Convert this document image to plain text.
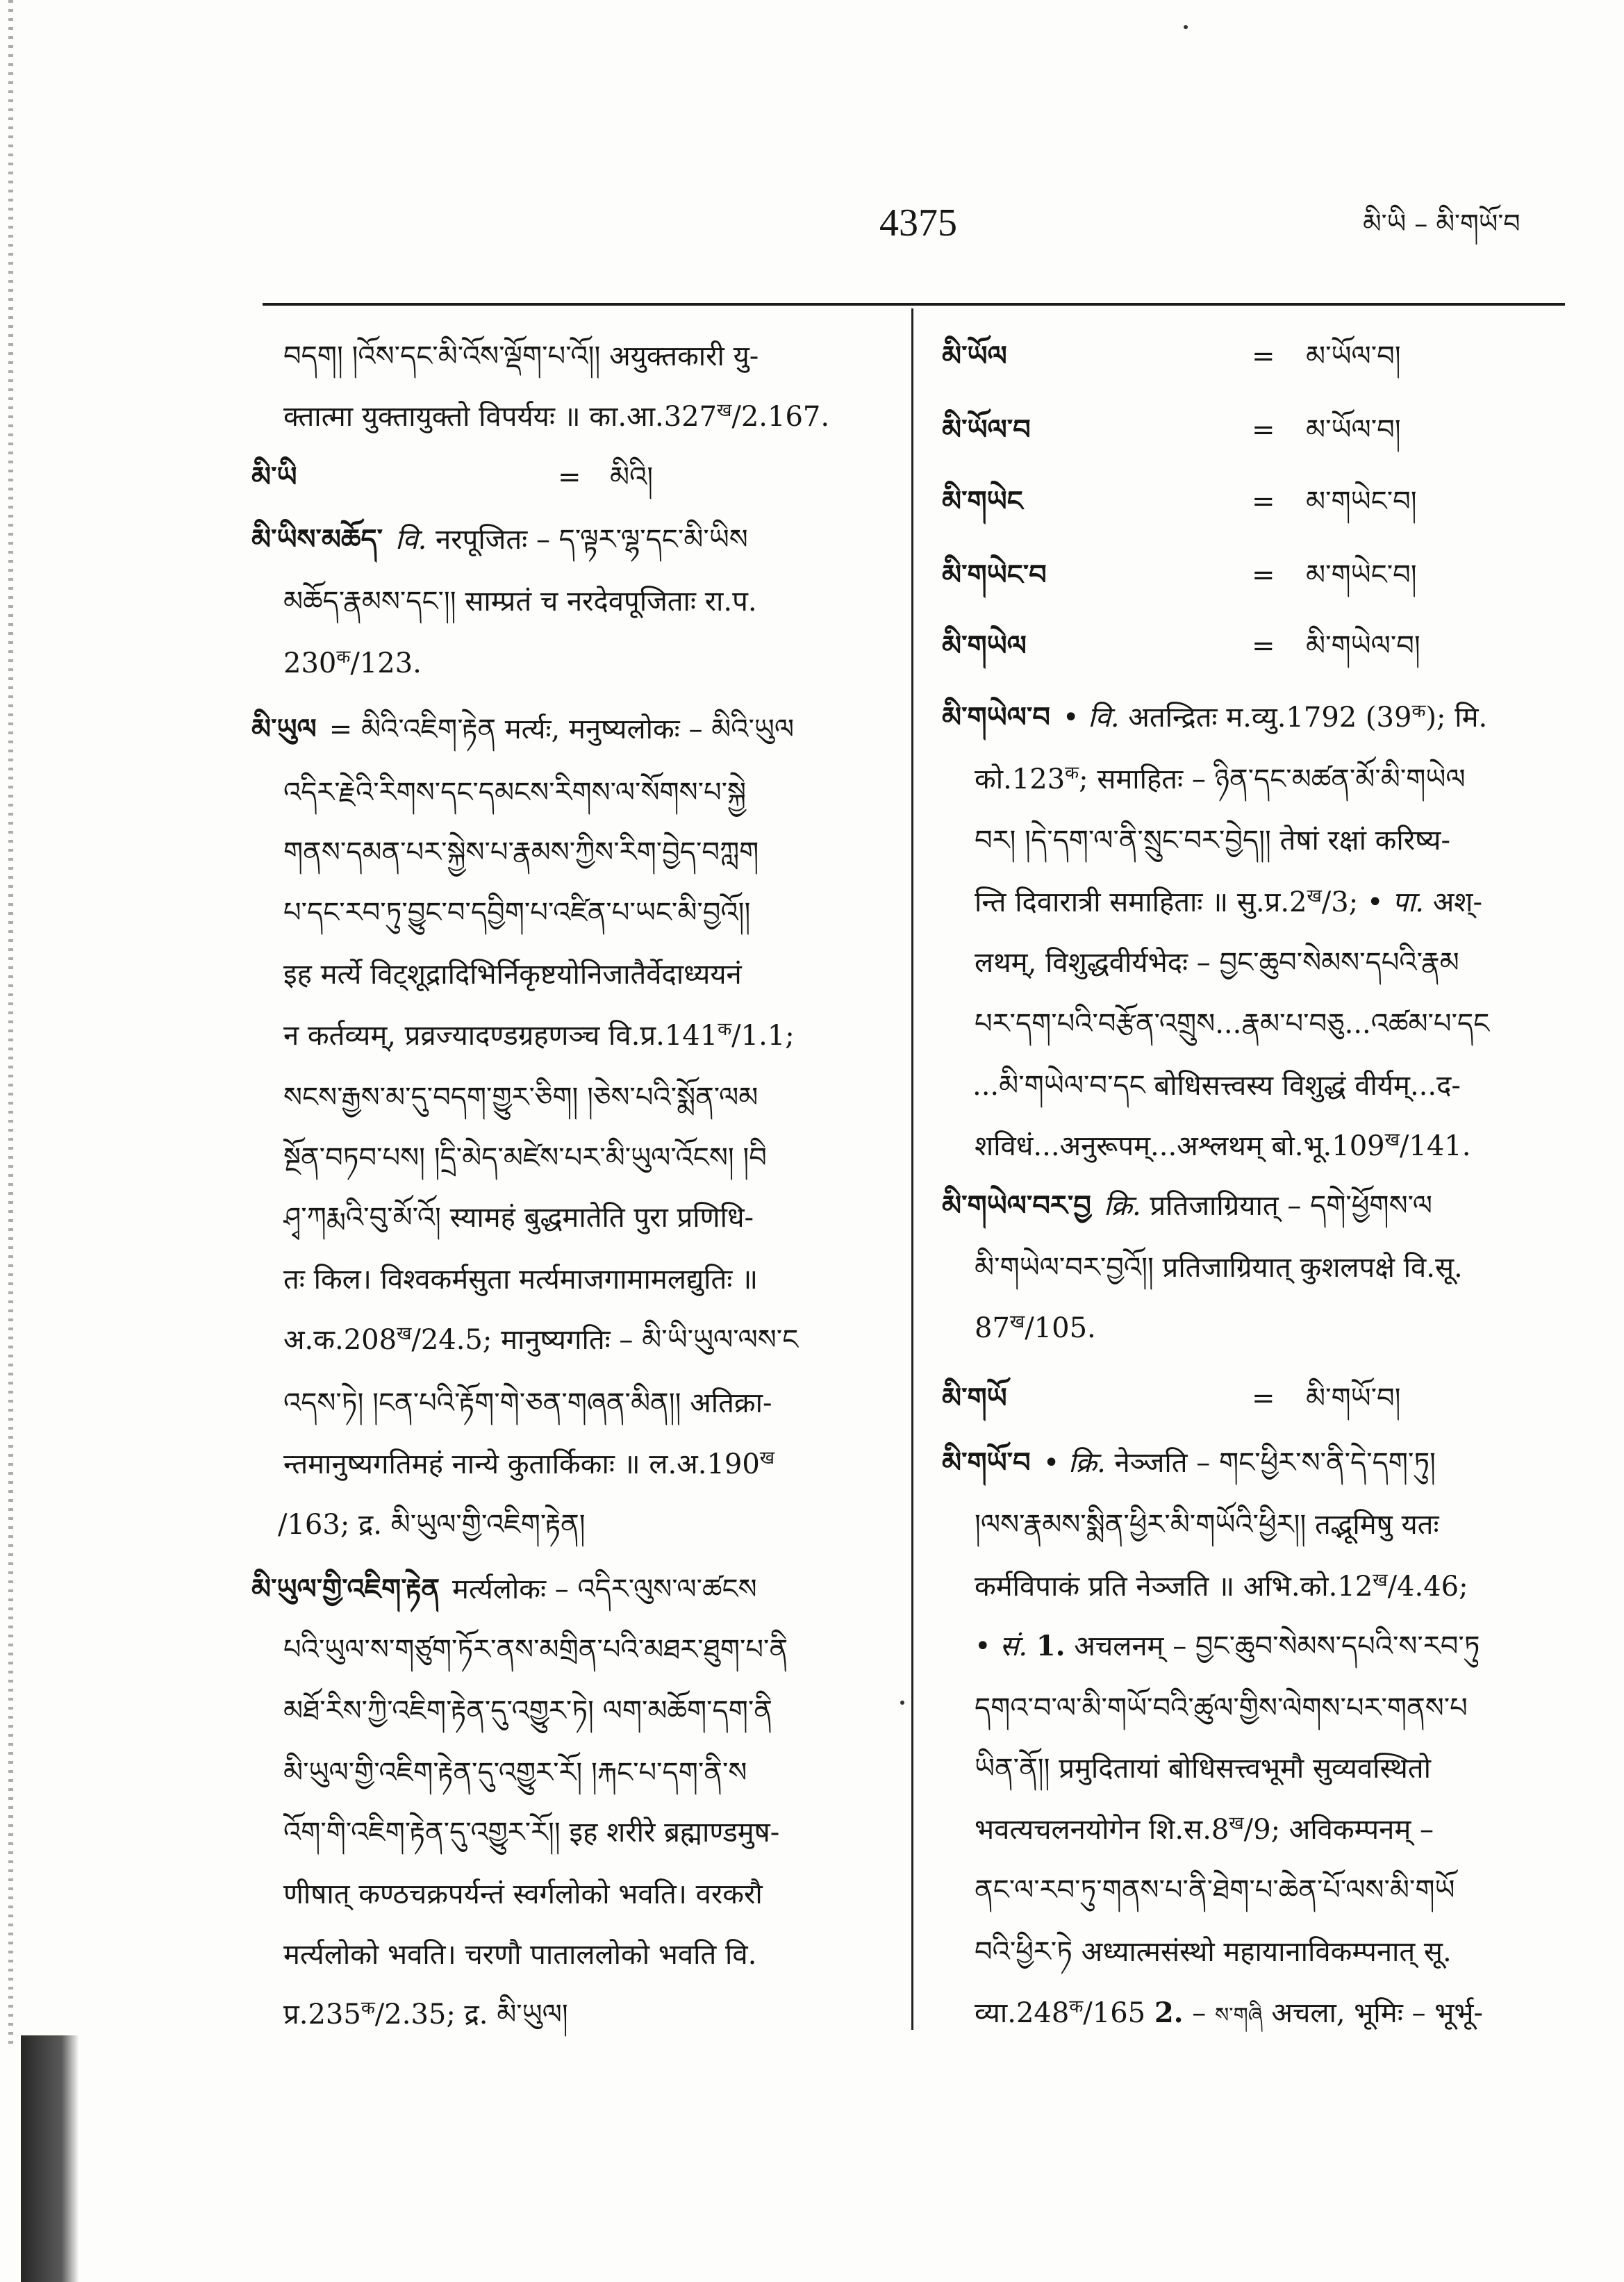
4375	མི་ཡི – མི་གཡོ་བ
བདག། །འོས་དང་མི་འོས་ལྡོག་པ་འོ།། अयुक्तकारी यु-
क्तात्मा युक्तायुक्तो विपर्ययः ॥ $का.आ.327^ख/2.167$.
མི་ཡི	= མིའི།
མི་ཡིས་མཆོད་ वि. नरपूजितः – ད་ལྟར་ལྷ་དང་མི་ཡིས
མཆོད་རྣམས་དང་།། साम्प्रतं च नरदेवपूजिताः रा.प.
$230^क/123$.
མི་ཡུལ = མིའི་འཇིག་རྟེན मर्त्यः, मनुष्यलोकः – མིའི་ཡུལ
འདིར་རྗེའི་རིགས་དང་དམངས་རིགས་ལ་སོགས་པ་སྐྱེ
གནས་དམན་པར་སྐྱེས་པ་རྣམས་ཀྱིས་རིག་བྱེད་བཀླག
པ་དང་རབ་ཏུ་བྱུང་བ་དབྱིག་པ་འཛིན་པ་ཡང་མི་བྱའོ།།
इह मर्त्ये विट्शूद्रादिभिर्निकृष्टयोनिजातैर्वेदाध्ययनं
न कर्तव्यम्, प्रव्रज्यादण्डग्रहणञ्च $वि.प्र.141^क/1.1$;
སངས་རྒྱས་མ་དུ་བདག་གྱུར་ཅིག། །ཅེས་པའི་སྨོན་ལམ
སྔོན་བཏབ་པས། །དྲི་མེད་མཛེས་པར་མི་ཡུལ་འོངས། །བི
ཤྭ་ཀརྨའི་བུ་མོ་འོ། स्यामहं बुद्धमातेति पुरा प्रणिधि-
तः किल। विश्वकर्मसुता मर्त्यमाजगामामलद्युतिः ॥
$अ.क.208^ख/24.5$; मानुष्यगतिः – མི་ཡི་ཡུལ་ལས་ང
འདས་ཏེ། །ངན་པའི་རྟོག་གེ་ཅན་གཞན་མིན།། अतिक्रा-
न्तमानुष्यगतिमहं नान्ये कुतार्किकाः ॥ $ल.अ.190^ख$
/163; द्र. མི་ཡུལ་གྱི་འཇིག་རྟེན།
མི་ཡུལ་གྱི་འཇིག་རྟེན मर्त्यलोकः – འདིར་ལུས་ལ་ཚངས
པའི་ཡུལ་ས་གཙུག་ཏོར་ནས་མགྲིན་པའི་མཐར་ཐུག་པ་ནི
མཐོ་རིས་ཀྱི་འཇིག་རྟེན་དུ་འགྱུར་ཏེ། ལག་མཆོག་དག་ནི
མི་ཡུལ་གྱི་འཇིག་རྟེན་དུ་འགྱུར་རོ། །རྐང་པ་དག་ནི་ས
འོག་གི་འཇིག་རྟེན་དུ་འགྱུར་རོ།། इह शरीरे ब्रह्माण्डमुष-
णीषात् कण्ठचक्रपर्यन्तं स्वर्गलोको भवति। वरकरौ
मर्त्यलोको भवति। चरणौ पाताललोको भवति वि.
$प्र.235^क/2.35$; द्र. མི་ཡུལ།
མི་ཡོལ	= མ་ཡོལ་བ།
མི་ཡོལ་བ	= མ་ཡོལ་བ།
མི་གཡེང	= མ་གཡེང་བ།
མི་གཡེང་བ	= མ་གཡེང་བ།
མི་གཡེལ	= མི་གཡེལ་བ།
མི་གཡེལ་བ • वि. अतन्द्रितः म.व्यु.1792 $(39^क)$; मि.
$को.123^क$; समाहितः – ཉིན་དང་མཚན་མོ་མི་གཡེལ
བར། །དེ་དག་ལ་ནི་སྲུང་བར་བྱེད།། तेषां रक्षां करिष्य-
न्ति दिवारात्री समाहिताः ॥ $सु.प्र.2^ख/3$; • पा. अश्-
लथम्, विशुद्धवीर्यभेदः – བྱང་ཆུབ་སེམས་དཔའི་རྣམ
པར་དག་པའི་བརྩོན་འགྲུས...རྣམ་པ་བཅུ...འཚམ་པ་དང
...མི་གཡེལ་བ་དང बोधिसत्त्वस्य विशुद्धं वीर्यम्...द-
शविधं...अनुरूपम्...अश्लथम् $बो.भू.109^ख/141$.
མི་གཡེལ་བར་བྱ क्रि. प्रतिजाग्रियात् – དགེ་ཕྱོགས་ལ
མི་གཡེལ་བར་བྱའོ།། प्रतिजाग्रियात् कुशलपक्षे वि.सू.
$87^ख/105$.
མི་གཡོ	= མི་གཡོ་བ།
མི་གཡོ་བ • क्रि. नेञ्जति – གང་ཕྱིར་ས་ནི་དེ་དག་ཏུ།
།ལས་རྣམས་སྨིན་ཕྱིར་མི་གཡོའི་ཕྱིར།། तद्भूमिषु यतः
कर्मविपाकं प्रति नेञ्जति ॥ $अभि.को.12^ख/4.46$;
• सं. 1. अचलनम् – བྱང་ཆུབ་སེམས་དཔའི་ས་རབ་ཏུ
དགའ་བ་ལ་མི་གཡོ་བའི་ཚུལ་གྱིས་ལེགས་པར་གནས་པ
ཡིན་ནོ།། प्रमुदितायां बोधिसत्त्वभूमौ सुव्यवस्थितो
भवत्यचलनयोगेन $शि.स.8^ख/9$; अविकम्पनम् –
ནང་ལ་རབ་ཏུ་གནས་པ་ནི་ཐེག་པ་ཆེན་པོ་ལས་མི་གཡོ
བའི་ཕྱིར་ཏེ अध्यात्मसंस्थो महायानाविकम्पनात् सू.
$व्या.248^क/165$ 2. – ས་གཞི अचला, भूमिः – भूर्भू-
